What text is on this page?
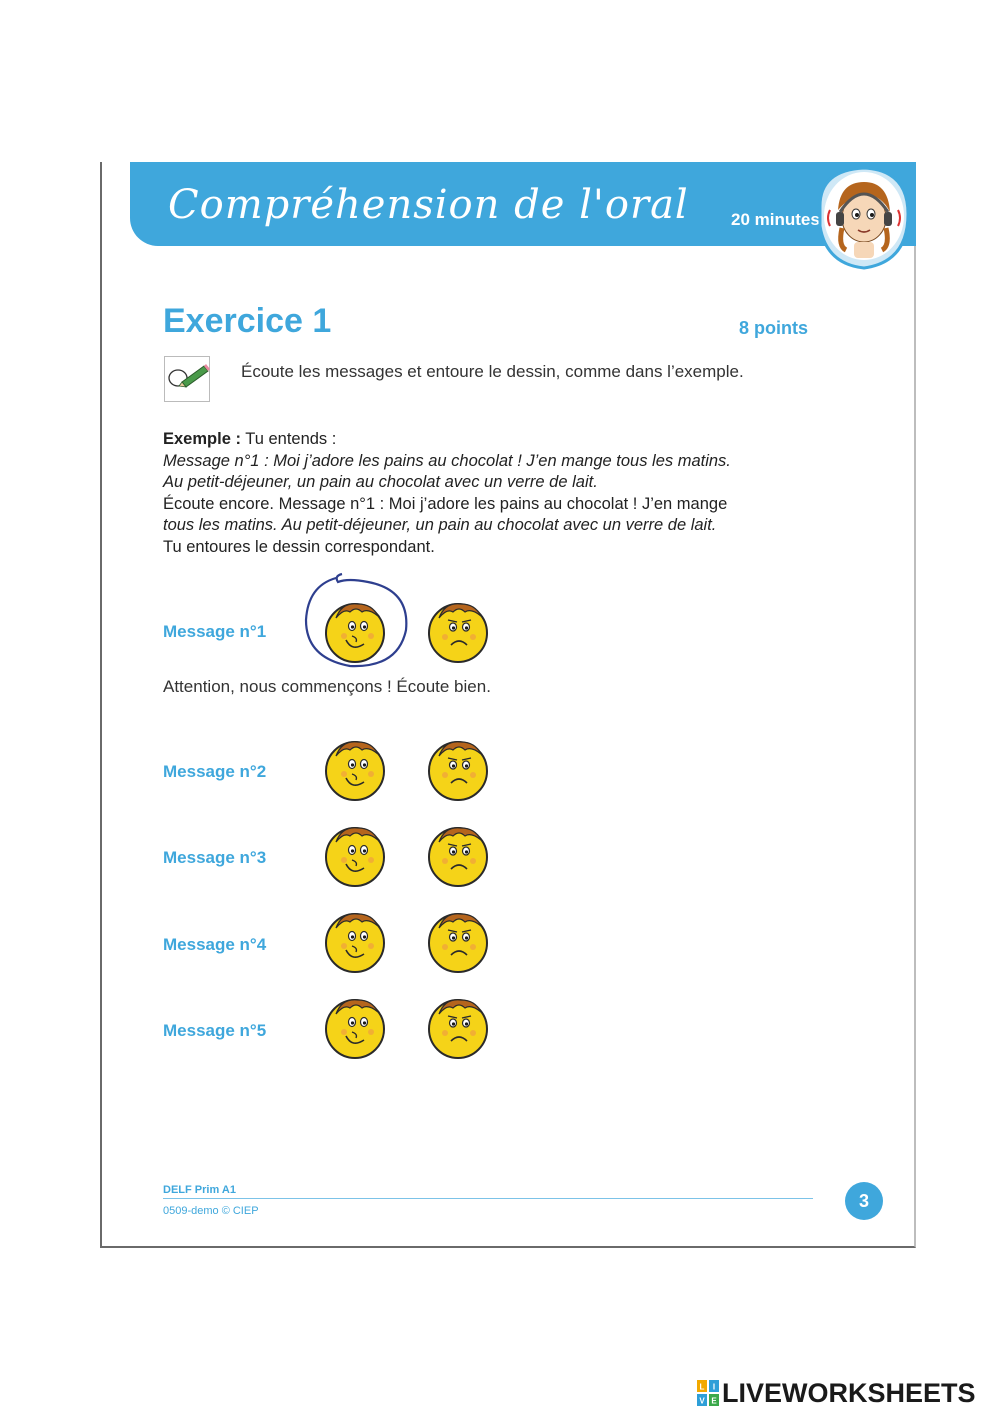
Compréhension de l'oral 20 minutes
Exercice 1	8 points
Écoute les messages et entoure le dessin, comme dans l’exemple.

Exemple : Tu entends :

Message n°1 : Moi j’adore les pains au chocolat ! J’en mange tous les matins.

Au petit-déjeuner, un pain au chocolat avec un verre de lait.

Écoute encore. Message n°1 : Moi j’adore les pains au chocolat ! J’en mange

tous les matins. Au petit-déjeuner, un pain au chocolat avec un verre de lait.

Tu entoures le dessin correspondant.

Message n°1
Attention, nous commençons ! Écoute bien.
Message n°2
Message n°3
Message n°4
Message n°5
DELF Prim A1
0509-demo © CIEP	3
L I
V E LIVEWORKSHEETS
